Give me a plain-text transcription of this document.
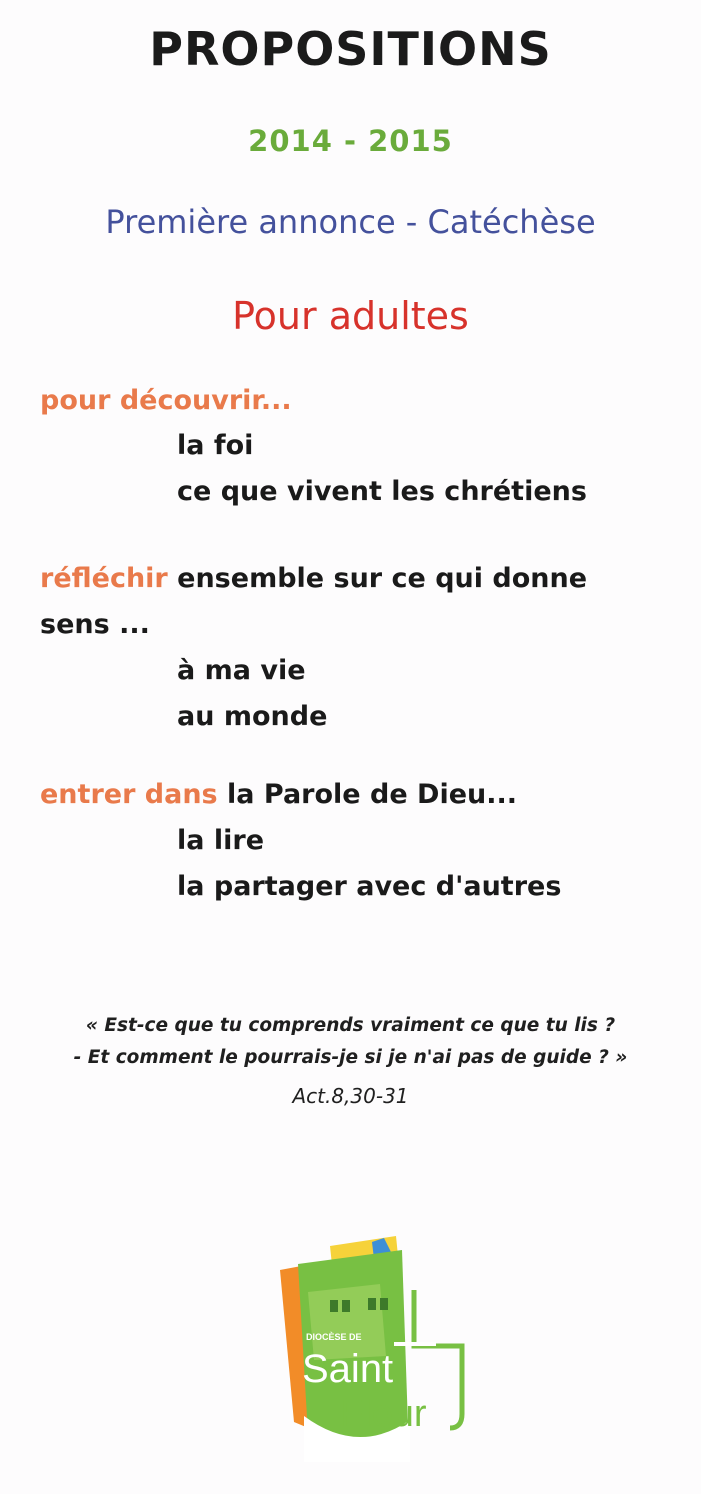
PROPOSITIONS
2014 - 2015
Première annonce - Catéchèse
Pour adultes
pour découvrir...
la foi
ce que vivent les chrétiens
réfléchir ensemble sur ce qui donne
sens ...
à ma vie
au monde
entrer dans la Parole de Dieu...
la lire
la partager avec d'autres
« Est-ce que tu comprends vraiment ce que tu lis ?
- Et comment le pourrais-je si je n'ai pas de guide ? »
Act.8,30-31
DIOCÈSE DE
Saint
Flour
